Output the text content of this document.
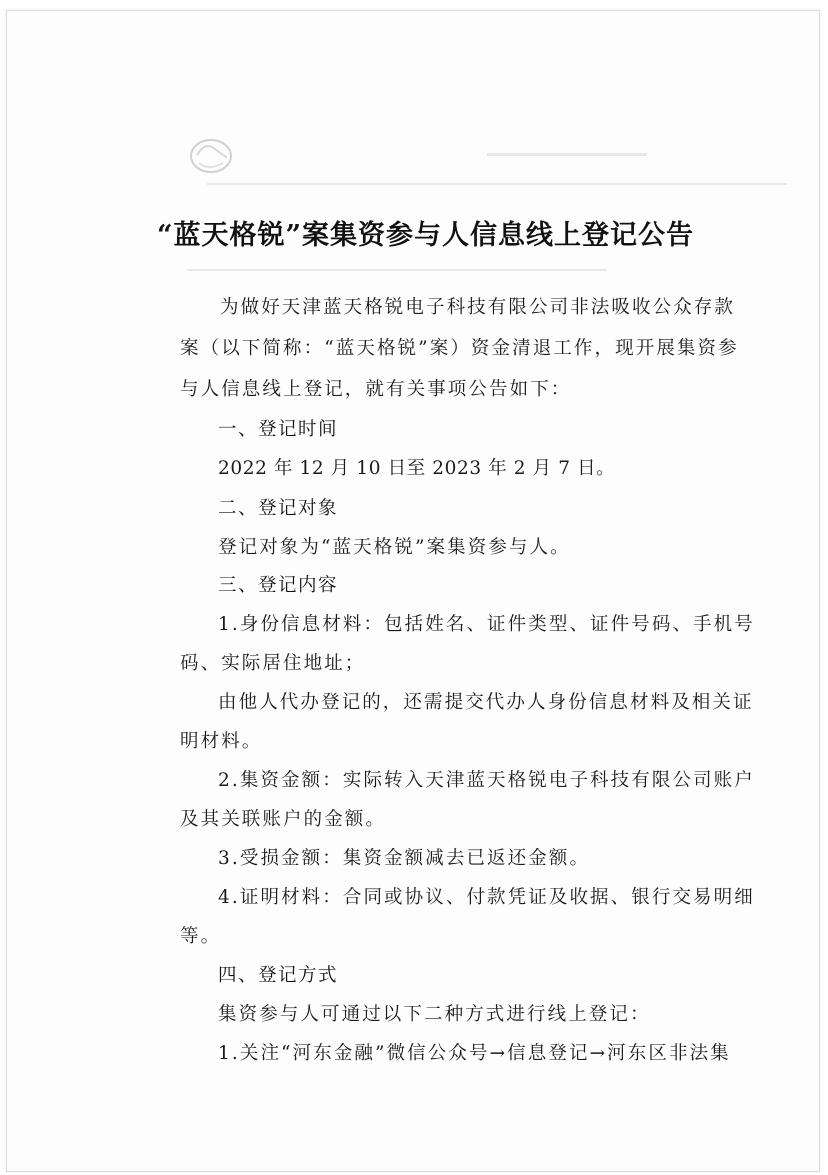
“蓝天格锐”案集资参与人信息线上登记公告
为做好天津蓝天格锐电子科技有限公司非法吸收公众存款
案（以下简称：“蓝天格锐”案）资金清退工作，现开展集资参
与人信息线上登记，就有关事项公告如下：
一、登记时间
2022 年 12 月 10 日至 2023 年 2 月 7 日。
二、登记对象
登记对象为“蓝天格锐”案集资参与人。
三、登记内容
1.身份信息材料：包括姓名、证件类型、证件号码、手机号
码、实际居住地址；
由他人代办登记的，还需提交代办人身份信息材料及相关证
明材料。
2.集资金额：实际转入天津蓝天格锐电子科技有限公司账户
及其关联账户的金额。
3.受损金额：集资金额减去已返还金额。
4.证明材料：合同或协议、付款凭证及收据、银行交易明细
等。
四、登记方式
集资参与人可通过以下二种方式进行线上登记：
1.关注“河东金融”微信公众号→信息登记→河东区非法集
